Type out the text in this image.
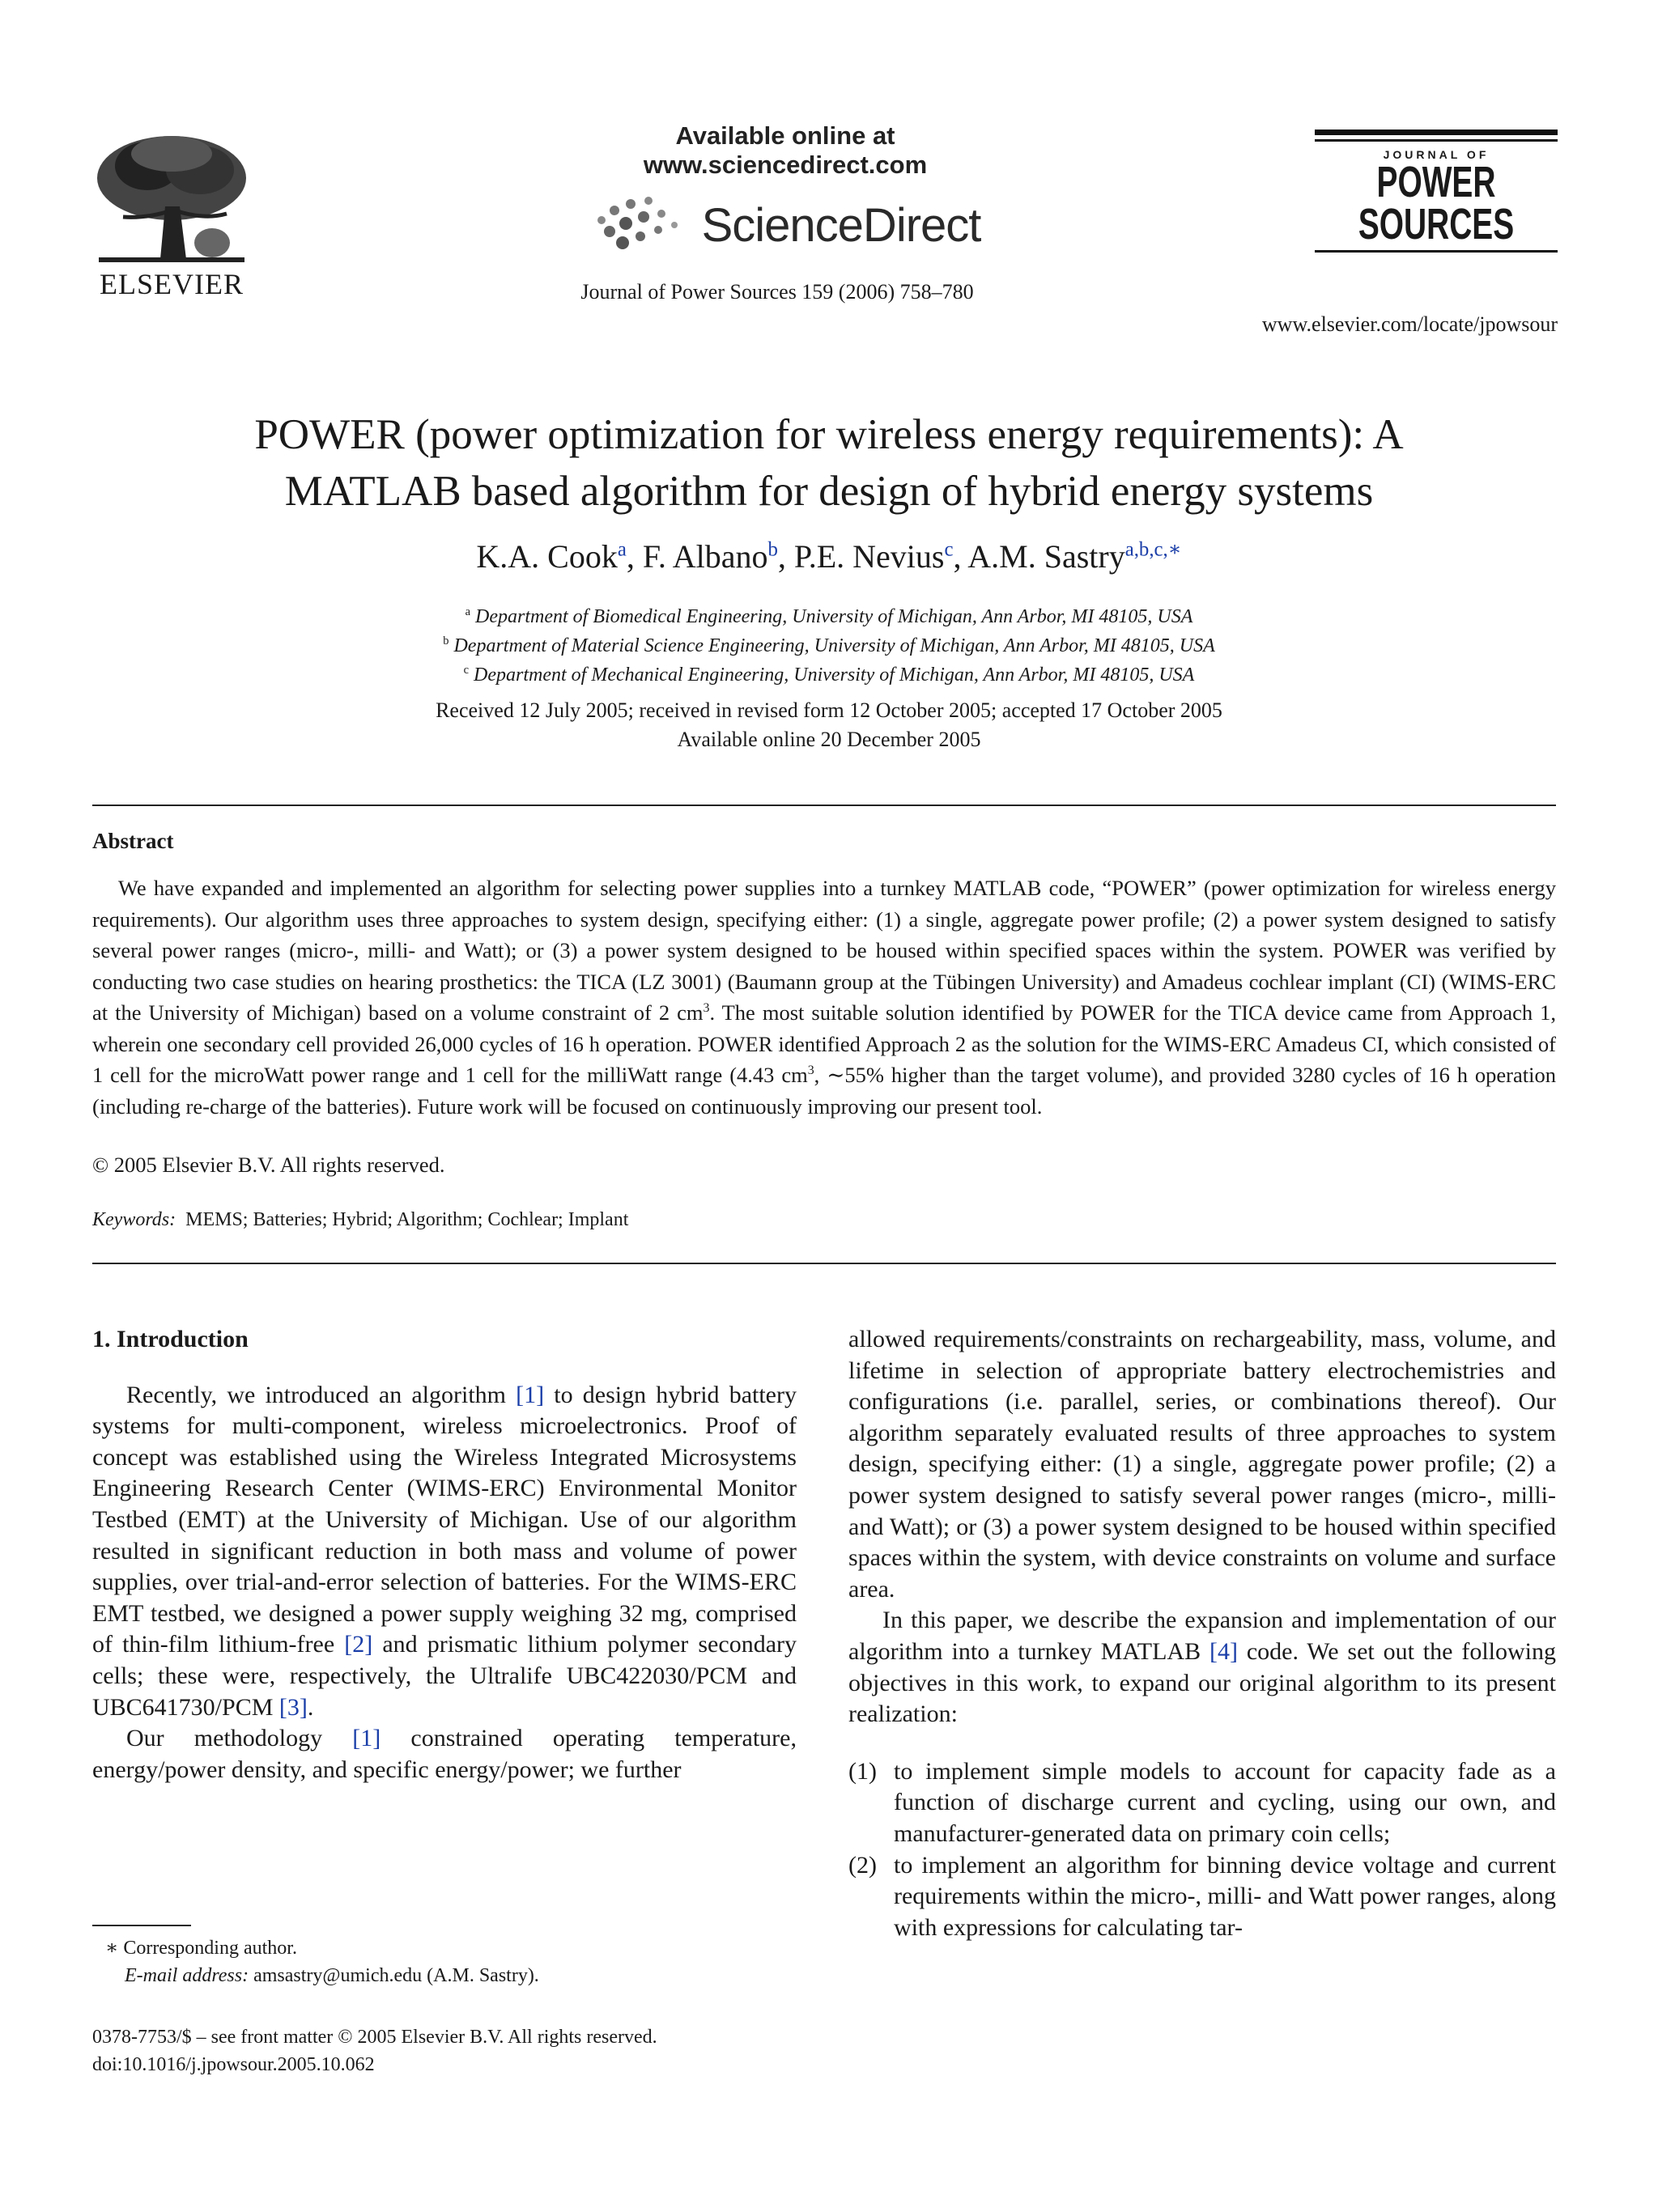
ELSEVIER
Available online at www.sciencedirect.com
ScienceDirect
Journal of Power Sources 159 (2006) 758–780
JOURNAL OF
POWER
SOURCES
www.elsevier.com/locate/jpowsour
POWER (power optimization for wireless energy requirements): A
MATLAB based algorithm for design of hybrid energy systems
K.A. Cook$^a$, F. Albano$^b$, P.E. Nevius$^c$, A.M. Sastry$^{a,b,c,∗}$
$^a$ Department of Biomedical Engineering, University of Michigan, Ann Arbor, MI 48105, USA
$^b$ Department of Material Science Engineering, University of Michigan, Ann Arbor, MI 48105, USA
$^c$ Department of Mechanical Engineering, University of Michigan, Ann Arbor, MI 48105, USA
Received 12 July 2005; received in revised form 12 October 2005; accepted 17 October 2005
Available online 20 December 2005
Abstract

We have expanded and implemented an algorithm for selecting power supplies into a turnkey MATLAB code, “POWER” (power optimization for wireless energy requirements). Our algorithm uses three approaches to system design, specifying either: (1) a single, aggregate power profile; (2) a power system designed to satisfy several power ranges (micro-, milli- and Watt); or (3) a power system designed to be housed within specified spaces within the system. POWER was verified by conducting two case studies on hearing prosthetics: the TICA (LZ 3001) (Baumann group at the Tübingen University) and Amadeus cochlear implant (CI) (WIMS-ERC at the University of Michigan) based on a volume constraint of 2 $cm^3$. The most suitable solution identified by POWER for the TICA device came from Approach 1, wherein one secondary cell provided 26,000 cycles of 16 h operation. POWER identified Approach 2 as the solution for the WIMS-ERC Amadeus CI, which consisted of 1 cell for the microWatt power range and 1 cell for the milliWatt range (4.43 $cm^3$, ∼55% higher than the target volume), and provided 3280 cycles of 16 h operation (including re-charge of the batteries). Future work will be focused on continuously improving our present tool.

© 2005 Elsevier B.V. All rights reserved.
Keywords: MEMS; Batteries; Hybrid; Algorithm; Cochlear; Implant
1. Introduction

Recently, we introduced an algorithm [1] to design hybrid battery systems for multi-component, wireless microelectronics. Proof of concept was established using the Wireless Integrated Microsystems Engineering Research Center (WIMS-ERC) Environmental Monitor Testbed (EMT) at the University of Michigan. Use of our algorithm resulted in significant reduction in both mass and volume of power supplies, over trial-and-error selection of batteries. For the WIMS-ERC EMT testbed, we designed a power supply weighing 32 mg, comprised of thin-film lithium-free [2] and prismatic lithium polymer secondary cells; these were, respectively, the Ultralife UBC422030/PCM and UBC641730/PCM [3].

Our methodology [1] constrained operating temperature, energy/power density, and specific energy/power; we further

∗ Corresponding author.
E-mail address: amsastry@umich.edu (A.M. Sastry).
0378-7753/$ – see front matter © 2005 Elsevier B.V. All rights reserved.
doi:10.1016/j.jpowsour.2005.10.062

allowed requirements/constraints on rechargeability, mass, volume, and lifetime in selection of appropriate battery electrochemistries and configurations (i.e. parallel, series, or combinations thereof). Our algorithm separately evaluated results of three approaches to system design, specifying either: (1) a single, aggregate power profile; (2) a power system designed to satisfy several power ranges (micro-, milli- and Watt); or (3) a power system designed to be housed within specified spaces within the system, with device constraints on volume and surface area.

In this paper, we describe the expansion and implementation of our algorithm into a turnkey MATLAB [4] code. We set out the following objectives in this work, to expand our original algorithm to its present realization:

(1) to implement simple models to account for capacity fade as a function of discharge current and cycling, using our own, and manufacturer-generated data on primary coin cells;
(2) to implement an algorithm for binning device voltage and current requirements within the micro-, milli- and Watt power ranges, along with expressions for calculating tar-
